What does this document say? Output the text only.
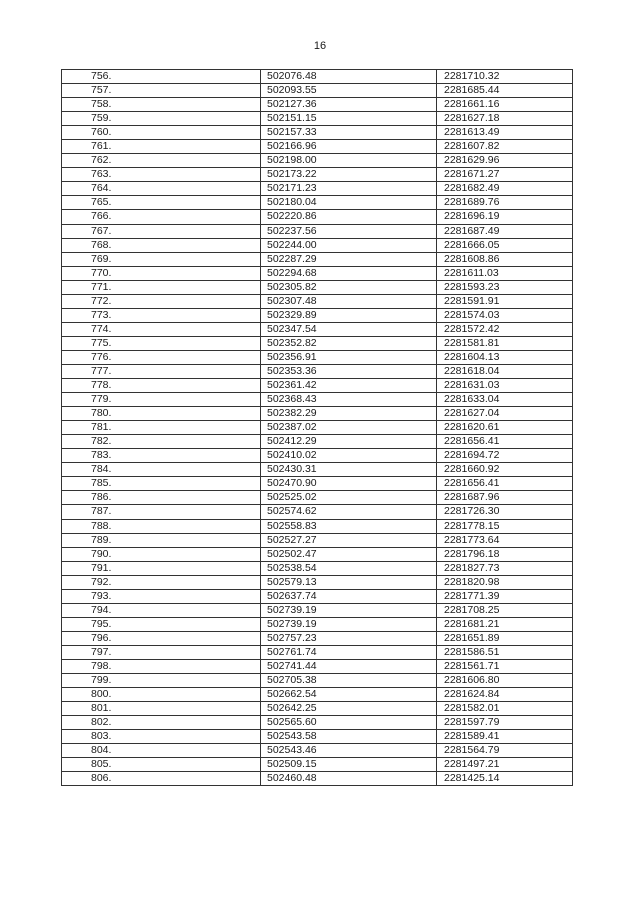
16
756.	502076.48	2281710.32
757.	502093.55	2281685.44
758.	502127.36	2281661.16
759.	502151.15	2281627.18
760.	502157.33	2281613.49
761.	502166.96	2281607.82
762.	502198.00	2281629.96
763.	502173.22	2281671.27
764.	502171.23	2281682.49
765.	502180.04	2281689.76
766.	502220.86	2281696.19
767.	502237.56	2281687.49
768.	502244.00	2281666.05
769.	502287.29	2281608.86
770.	502294.68	2281611.03
771.	502305.82	2281593.23
772.	502307.48	2281591.91
773.	502329.89	2281574.03
774.	502347.54	2281572.42
775.	502352.82	2281581.81
776.	502356.91	2281604.13
777.	502353.36	2281618.04
778.	502361.42	2281631.03
779.	502368.43	2281633.04
780.	502382.29	2281627.04
781.	502387.02	2281620.61
782.	502412.29	2281656.41
783.	502410.02	2281694.72
784.	502430.31	2281660.92
785.	502470.90	2281656.41
786.	502525.02	2281687.96
787.	502574.62	2281726.30
788.	502558.83	2281778.15
789.	502527.27	2281773.64
790.	502502.47	2281796.18
791.	502538.54	2281827.73
792.	502579.13	2281820.98
793.	502637.74	2281771.39
794.	502739.19	2281708.25
795.	502739.19	2281681.21
796.	502757.23	2281651.89
797.	502761.74	2281586.51
798.	502741.44	2281561.71
799.	502705.38	2281606.80
800.	502662.54	2281624.84
801.	502642.25	2281582.01
802.	502565.60	2281597.79
803.	502543.58	2281589.41
804.	502543.46	2281564.79
805.	502509.15	2281497.21
806.	502460.48	2281425.14
